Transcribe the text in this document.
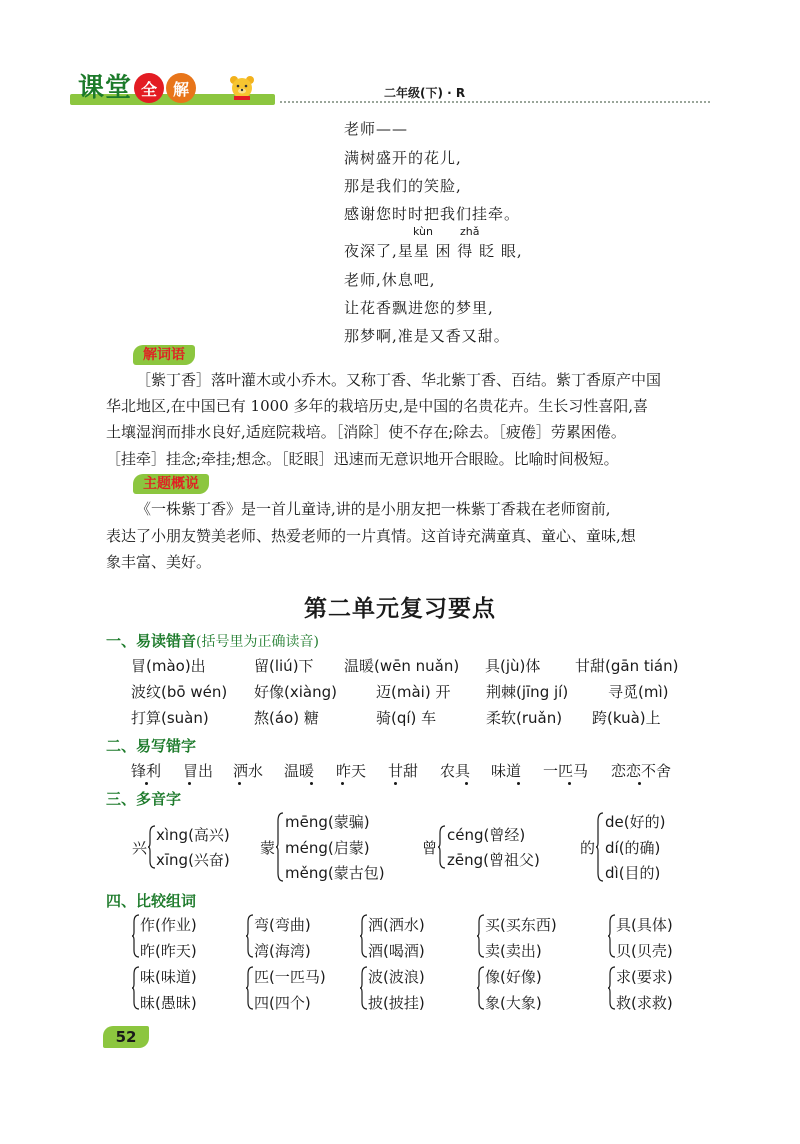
课 堂 全 解	二年级(下) · R
老师——
满树盛开的花儿,
那是我们的笑脸,
感谢您时时把我们挂牵。
kùn zhǎ
夜深了,星星 困 得 眨 眼,
老师,休息吧,
让花香飘进您的梦里,
那梦啊,准是又香又甜。
解词语
［紫丁香］落叶灌木或小乔木。又称丁香、华北紫丁香、百结。紫丁香原产中国
华北地区,在中国已有 1000 多年的栽培历史,是中国的名贵花卉。生长习性喜阳,喜
土壤湿润而排水良好,适庭院栽培。［消除］使不存在;除去。［疲倦］劳累困倦。
［挂牵］挂念;牵挂;想念。［眨眼］迅速而无意识地开合眼睑。比喻时间极短。
主题概说
《一株紫丁香》是一首儿童诗,讲的是小朋友把一株紫丁香栽在老师窗前,
表达了小朋友赞美老师、热爱老师的一片真情。这首诗充满童真、童心、童味,想
象丰富、美好。
第二单元复习要点
一、易读错音(括号里为正确读音)
冒(mào)出	留(liú)下 温暖(wēn nuǎn) 具(jù)体 甘甜(gān tián)
波纹(bō wén) 好像(xiàng)	迈(mài) 开 荆棘(jīng jí)	寻觅(mì)
打算(suàn)	熬(áo) 糖	骑(qí) 车	柔软(ruǎn) 跨(kuà)上
二、易写错字
锋利 冒出 洒水 温暖 昨天 甘甜 农具 味道 一匹马 恋恋不舍
三、多音字
兴
xìng(高兴)
xīng(兴奋)
蒙
mēng(蒙骗)
méng(启蒙)
měng(蒙古包)
曾
céng(曾经)
zēng(曾祖父)
的
de(好的)
dí(的确)
dì(目的)
四、比较组词
作(作业)
昨(昨天)
弯(弯曲)
湾(海湾)
洒(洒水)
酒(喝酒)
买(买东西)
卖(卖出)
具(具体)
贝(贝壳)
味(味道)
昧(愚昧)
匹(一匹马)
四(四个)
波(波浪)
披(披挂)
像(好像)
象(大象)
求(要求)
救(求救)
52
